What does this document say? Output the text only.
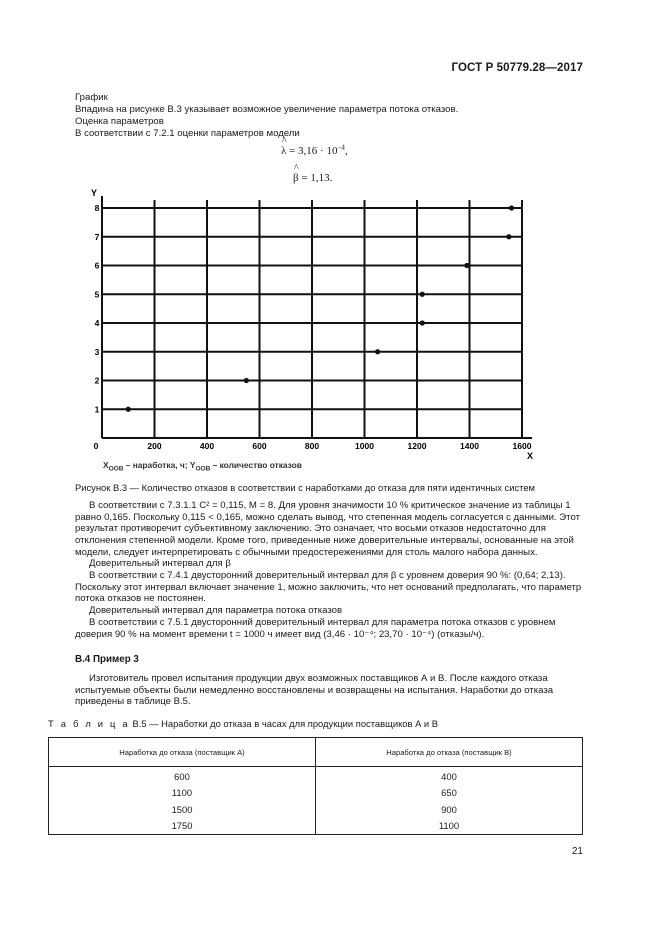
ГОСТ Р 50779.28—2017

График

Впадина на рисунке В.3 указывает возможное увеличение параметра потока отказов.

Оценка параметров

В соответствии с 7.2.1 оценки параметров модели

^ $\lambda = 3,16 \cdot 10^{-4}$,
^ β = 1,13.
Y
X
0	200	400	600	800	1000	1200	1400	1600
1
2
3
4
5
6
7
8
$X_{OOB}$ – наработка, ч; $Y_{OOB}$ – количество отказов

Рисунок В.3 — Количество отказов в соответствии с наработками до отказа для пяти идентичных систем

В соответствии с 7.3.1.1 C² = 0,115, M = 8. Для уровня значимости 10 % критическое значение из таблицы 1 равно 0,165. Поскольку 0,115 < 0,165, можно сделать вывод, что степенная модель согласуется с данными. Этот результат противоречит субъективному заключению. Это означает, что восьми отказов недостаточно для отклонения степенной модели. Кроме того, приведенные ниже доверительные интервалы, основанные на этой модели, следует интерпретировать с обычными предостережениями для столь малого набора данных.

Доверительный интервал для β

В соответствии с 7.4.1 двусторонний доверительный интервал для β с уровнем доверия 90 %: (0,64; 2,13). Поскольку этот интервал включает значение 1, можно заключить, что нет оснований предполагать, что параметр потока отказов не постоянен.

Доверительный интервал для параметра потока отказов

В соответствии с 7.5.1 двусторонний доверительный интервал для параметра потока отказов с уровнем доверия 90 % на момент времени t = 1000 ч имеет вид (3,46 · 10⁻⁴; 23,70 · 10⁻⁴) (отказы/ч).

В.4 Пример 3

Изготовитель провел испытания продукции двух возможных поставщиков А и В. После каждого отказа испытуемые объекты были немедленно восстановлены и возвращены на испытания. Наработки до отказа приведены в таблице В.5.

Т а б л и ц а В.5 — Наработки до отказа в часах для продукции поставщиков А и В
Наработка до отказа (поставщик А)	Наработка до отказа (поставщик В)
600	400
1100	650
1500	900
1750	1100
21
